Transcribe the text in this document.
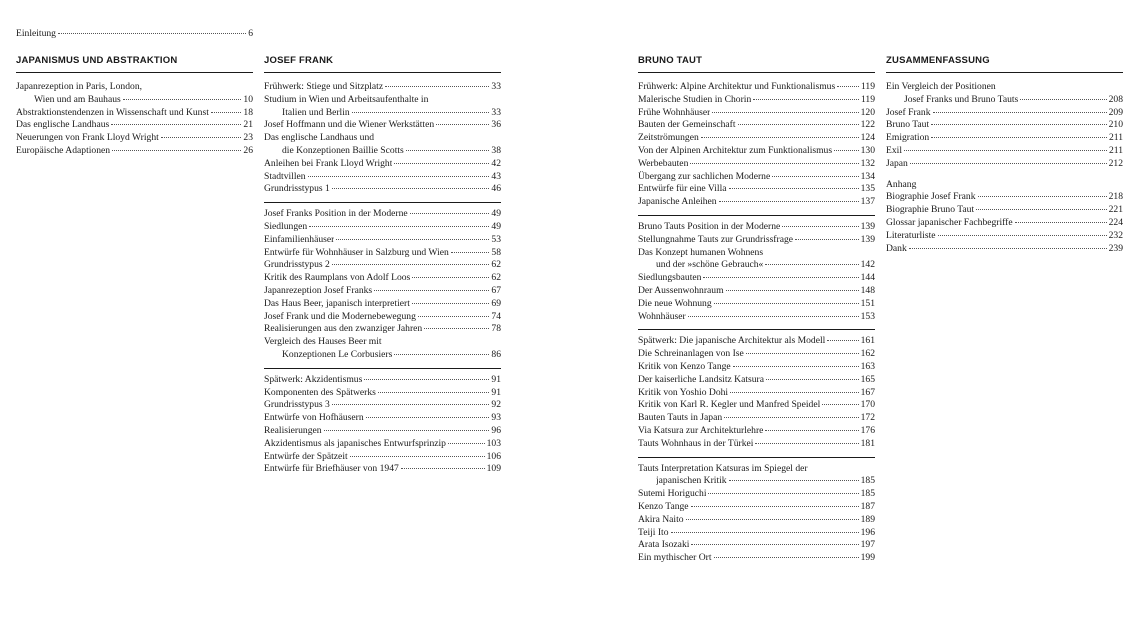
Einleitung	6
JAPANISMUS UND ABSTRAKTION
Japanrezeption in Paris, London,
Wien und am Bauhaus	10
Abstraktionstendenzen in Wissenschaft und Kunst	18
Das englische Landhaus	21
Neuerungen von Frank Lloyd Wright	23
Europäische Adaptionen	26
JOSEF FRANK
Frühwerk: Stiege und Sitzplatz	33
Studium in Wien und Arbeitsaufenthalte in
Italien und Berlin	33
Josef Hoffmann und die Wiener Werkstätten	36
Das englische Landhaus und
die Konzeptionen Baillie Scotts	38
Anleihen bei Frank Lloyd Wright	42
Stadtvillen	43
Grundrisstypus 1	46
Josef Franks Position in der Moderne	49
Siedlungen	49
Einfamilienhäuser	53
Entwürfe für Wohnhäuser in Salzburg und Wien	58
Grundrisstypus 2	62
Kritik des Raumplans von Adolf Loos	62
Japanrezeption Josef Franks	67
Das Haus Beer, japanisch interpretiert	69
Josef Frank und die Modernebewegung	74
Realisierungen aus den zwanziger Jahren	78
Vergleich des Hauses Beer mit
Konzeptionen Le Corbusiers	86
Spätwerk: Akzidentismus	91
Komponenten des Spätwerks	91
Grundrisstypus 3	92
Entwürfe von Hofhäusern	93
Realisierungen	96
Akzidentismus als japanisches Entwurfsprinzip	103
Entwürfe der Spätzeit	106
Entwürfe für Briefhäuser von 1947	109
BRUNO TAUT
Frühwerk: Alpine Architektur und Funktionalismus	119
Malerische Studien in Chorin	119
Frühe Wohnhäuser	120
Bauten der Gemeinschaft	122
Zeitströmungen	124
Von der Alpinen Architektur zum Funktionalismus	130
Werbebauten	132
Übergang zur sachlichen Moderne	134
Entwürfe für eine Villa	135
Japanische Anleihen	137
Bruno Tauts Position in der Moderne	139
Stellungnahme Tauts zur Grundrissfrage	139
Das Konzept humanen Wohnens
und der »schöne Gebrauch«	142
Siedlungsbauten	144
Der Aussenwohnraum	148
Die neue Wohnung	151
Wohnhäuser	153
Spätwerk: Die japanische Architektur als Modell	161
Die Schreinanlagen von Ise	162
Kritik von Kenzo Tange	163
Der kaiserliche Landsitz Katsura	165
Kritik von Yoshio Dohi	167
Kritik von Karl R. Kegler und Manfred Speidel	170
Bauten Tauts in Japan	172
Via Katsura zur Architekturlehre	176
Tauts Wohnhaus in der Türkei	181
Tauts Interpretation Katsuras im Spiegel der
japanischen Kritik	185
Sutemi Horiguchi	185
Kenzo Tange	187
Akira Naito	189
Teiji Ito	196
Arata Isozaki	197
Ein mythischer Ort	199
ZUSAMMENFASSUNG
Ein Vergleich der Positionen
Josef Franks und Bruno Tauts	208
Josef Frank	209
Bruno Taut	210
Emigration	211
Exil	211
Japan	212
Anhang
Biographie Josef Frank	218
Biographie Bruno Taut	221
Glossar japanischer Fachbegriffe	224
Literaturliste	232
Dank	239
